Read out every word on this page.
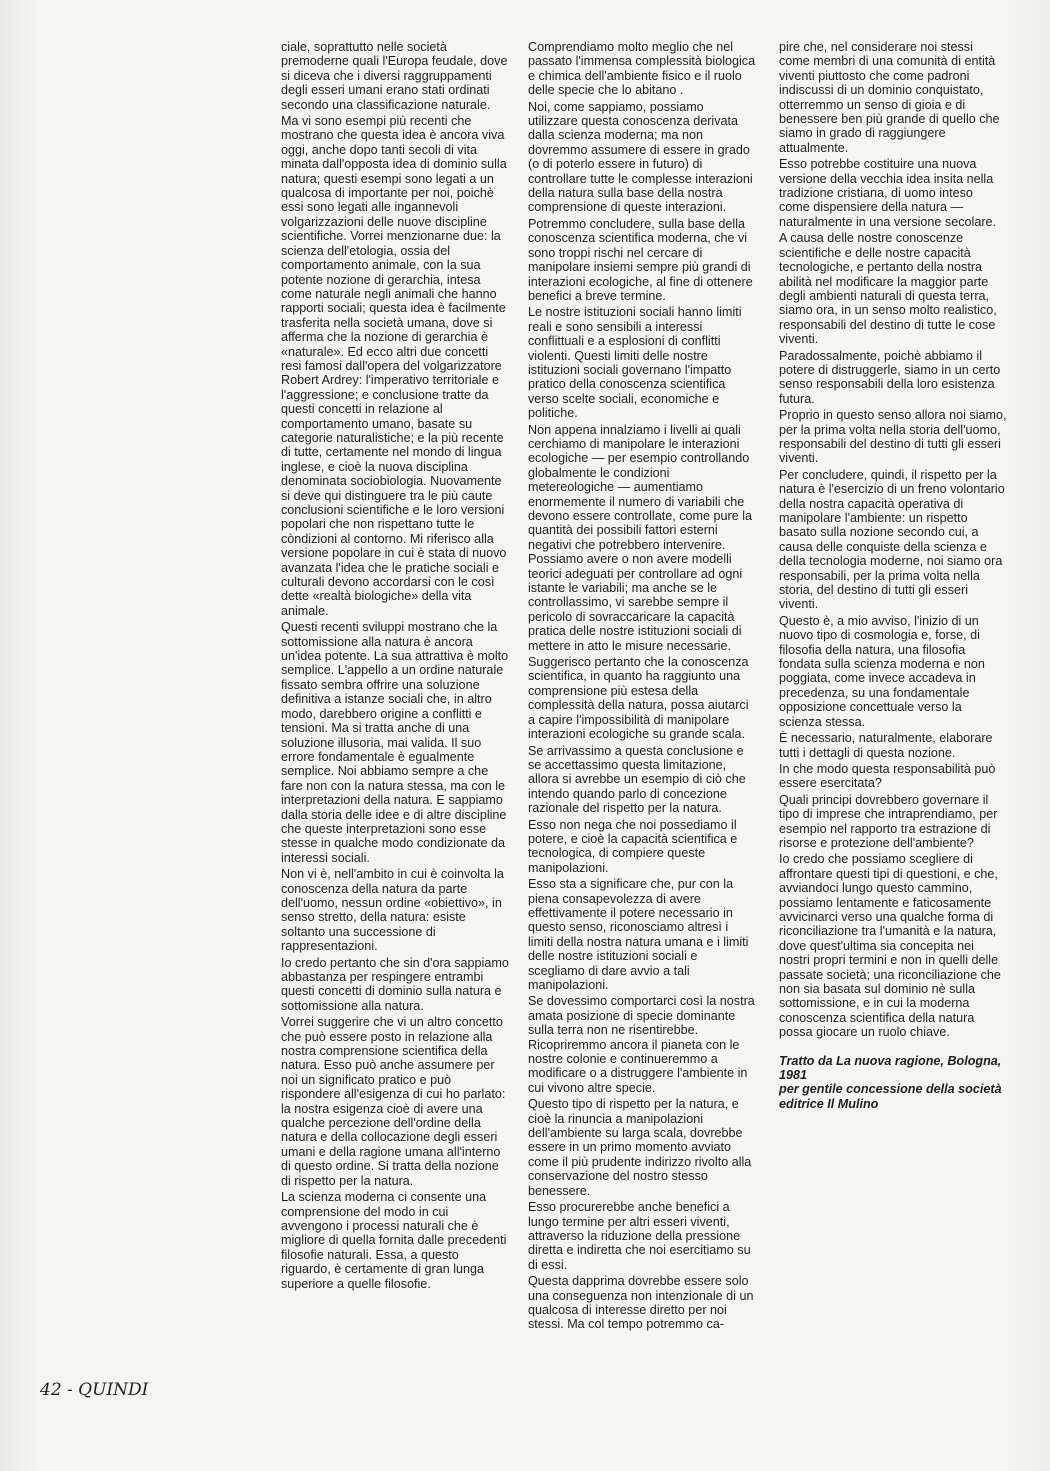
ciale, soprattutto nelle società premoderne quali l'Europa feudale, dove si diceva che i diversi raggruppamenti degli esseri umani erano stati ordinati secondo una classificazione naturale.

Ma vi sono esempi più recenti che mostrano che questa idea è ancora viva oggi, anche dopo tanti secoli di vita minata dall'opposta idea di dominio sulla natura; questi esempi sono legati a un qualcosa di importante per noi, poichè essi sono legati alle ingannevoli volgarizzazioni delle nuove discipline scientifiche. Vorrei menzionarne due: la scienza dell'etologia, ossia del comportamento animale, con la sua potente nozione di gerarchia, intesa come naturale negli animali che hanno rapporti sociali; questa idea è facilmente trasferita nella società umana, dove si afferma che la nozione di gerarchia è «naturale». Ed ecco altri due concetti resi famosi dall'opera del volgarizzatore Robert Ardrey: l'imperativo territoriale e l'aggressione; e conclusione tratte da questi concetti in relazione al comportamento umano, basate su categorie naturalistiche; e la più recente di tutte, certamente nel mondo di lingua inglese, e cioè la nuova disciplina denominata sociobiologia. Nuovamente si deve qui distinguere tra le più caute conclusioni scientifiche e le loro versioni popolari che non rispettano tutte le còndizioni al contorno. Mi riferisco alla versione popolare in cui è stata di nuovo avanzata l'idea che le pratiche sociali e culturali devono accordarsi con le così dette «realtà biologiche» della vita animale.

Questi recenti sviluppi mostrano che la sottomissione alla natura è ancora un'idea potente. La sua attrattiva è molto semplice. L'appello a un ordine naturale fissato sembra offrire una soluzione definitiva a istanze sociali che, in altro modo, darebbero origine a conflitti e tensioni. Ma si tratta anche di una soluzione illusoria, mai valida. Il suo errore fondamentale è egualmente semplice. Noi abbiamo sempre a che fare non con la natura stessa, ma con le interpretazioni della natura. E sappiamo dalla storia delle idee e di altre discipline che queste interpretazioni sono esse stesse in qualche modo condizionate da interessi sociali.

Non vi è, nell'ambito in cui è coinvolta la conoscenza della natura da parte dell'uomo, nessun ordine «obiettivo», in senso stretto, della natura: esiste soltanto una successione di rappresentazioni.

Io credo pertanto che sin d'ora sappiamo abbastanza per respingere entrambi questi concetti di dominio sulla natura e sottomissione alla natura.

Vorrei suggerire che vi un altro concetto che può essere posto in relazione alla nostra comprensione scientifica della natura. Esso può anche assumere per noi un significato pratico e può rispondere all'esigenza di cui ho parlato: la nostra esigenza cioè di avere una qualche percezione dell'ordine della natura e della collocazione degli esseri umani e della ragione umana all'interno di questo ordine. Si tratta della nozione di rispetto per la natura.

La scienza moderna ci consente una comprensione del modo in cui avvengono i processi naturali che è migliore di quella fornita dalle precedenti filosofie naturali. Essa, a questo riguardo, è certamente di gran lunga superiore a quelle filosofie.

Comprendiamo molto meglio che nel passato l'immensa complessità biologica e chimica dell'ambiente fisico e il ruolo delle specie che lo abitano .

Noi, come sappiamo, possiamo utilizzare questa conoscenza derivata dalla scienza moderna; ma non dovremmo assumere di essere in grado (o di poterlo essere in futuro) di controllare tutte le complesse interazioni della natura sulla base della nostra comprensione di queste interazioni.

Potremmo concludere, sulla base della conoscenza scientifica moderna, che vi sono troppi rischi nel cercare di manipolare insiemi sempre più grandi di interazioni ecologiche, al fine di ottenere benefici a breve termine.

Le nostre istituzioni sociali hanno limiti reali e sono sensibili a interessi conflittuali e a esplosioni di conflitti violenti. Questi limiti delle nostre istituzioni sociali governano l'impatto pratico della conoscenza scientifica verso scelte sociali, economiche e politiche.

Non appena innalziamo i livelli ai quali cerchiamo di manipolare le interazioni ecologiche — per esempio controllando globalmente le condizioni metereologiche — aumentiamo enormemente il numero di variabili che devono essere controllate, come pure la quantità dei possibili fattori esterni negativi che potrebbero intervenire. Possiamo avere o non avere modelli teorici adeguati per controllare ad ogni istante le variabili; ma anche se le controllassimo, vi sarebbe sempre il pericolo di sovraccaricare la capacità pratica delle nostre istituzioni sociali di mettere in atto le misure necessarie.

Suggerisco pertanto che la conoscenza scientifica, in quanto ha raggiunto una comprensione più estesa della complessità della natura, possa aiutarci a capire l'impossibilità di manipolare interazioni ecologiche su grande scala.

Se arrivassimo a questa conclusione e se accettassimo questa limitazione, allora si avrebbe un esempio di ciò che intendo quando parlo di concezione razionale del rispetto per la natura.

Esso non nega che noi possediamo il potere, e cioè la capacità scientifica e tecnologica, di compiere queste manipolazioni.

Esso sta a significare che, pur con la piena consapevolezza di avere effettivamente il potere necessario in questo senso, riconosciamo altresì i limiti della nostra natura umana e i limiti delle nostre istituzioni sociali e scegliamo di dare avvio a tali manipolazioni.

Se dovessimo comportarci così la nostra amata posizione di specie dominante sulla terra non ne risentirebbe. Ricopriremmo ancora il pianeta con le nostre colonie e continueremmo a modificare o a distruggere l'ambiente in cui vivono altre specie.

Questo tipo di rispetto per la natura, e cioè la rinuncia a manipolazioni dell'ambiente su larga scala, dovrebbe essere in un primo momento avviato come il più prudente indirizzo rivolto alla conservazione del nostro stesso benessere.

Esso procurerebbe anche benefici a lungo termine per altri esseri viventi, attraverso la riduzione della pressione diretta e indiretta che noi esercitiamo su di essi.

Questa dapprima dovrebbe essere solo una conseguenza non intenzionale di un qualcosa di interesse diretto per noi stessi. Ma col tempo potremmo ca-

pire che, nel considerare noi stessi come membri di una comunità di entità viventi piuttosto che come padroni indiscussi di un dominio conquistato, otterremmo un senso di gioia e di benessere ben più grande di quello che siamo in grado di raggiungere attualmente.

Esso potrebbe costituire una nuova versione della vecchia idea insita nella tradizione cristiana, di uomo inteso come dispensiere della natura — naturalmente in una versione secolare.

A causa delle nostre conoscenze scientifiche e delle nostre capacità tecnologiche, e pertanto della nostra abilità nel modificare la maggior parte degli ambienti naturali di questa terra, siamo ora, in un senso molto realistico, responsabili del destino di tutte le cose viventi.

Paradossalmente, poichè abbiamo il potere di distruggerle, siamo in un certo senso responsabili della loro esistenza futura.

Proprio in questo senso allora noi siamo, per la prima volta nella storia dell'uomo, responsabili del destino di tutti gli esseri viventi.

Per concludere, quindi, il rispetto per la natura è l'esercizio di un freno volontario della nostra capacità operativa di manipolare l'ambiente: un rispetto basato sulla nozione secondo cui, a causa delle conquiste della scienza e della tecnologia moderne, noi siamo ora responsabili, per la prima volta nella storia, del destino di tutti gli esseri viventi.

Questo è, a mio avviso, l'inizio di un nuovo tipo di cosmologia e, forse, di filosofia della natura, una filosofia fondata sulla scienza moderna e non poggiata, come invece accadeva in precedenza, su una fondamentale opposizione concettuale verso la scienza stessa.

È necessario, naturalmente, elaborare tutti i dettagli di questa nozione.

In che modo questa responsabilità può essere esercitata?

Quali principi dovrebbero governare il tipo di imprese che intraprendiamo, per esempio nel rapporto tra estrazione di risorse e protezione dell'ambiente?

Io credo che possiamo scegliere di affrontare questi tipi di questioni, e che, avviandoci lungo questo cammino, possiamo lentamente e faticosamente avvicinarci verso una qualche forma di riconciliazione tra l'umanità e la natura, dove quest'ultima sia concepita nei nostri propri termini e non in quelli delle passate società; una riconciliazione che non sia basata sul dominio nè sulla sottomissione, e in cui la moderna conoscenza scientifica della natura possa giocare un ruolo chiave.

Tratto da La nuova ragione, Bologna, 1981
per gentile concessione della società editrice Il Mulino

42 - QUINDI
